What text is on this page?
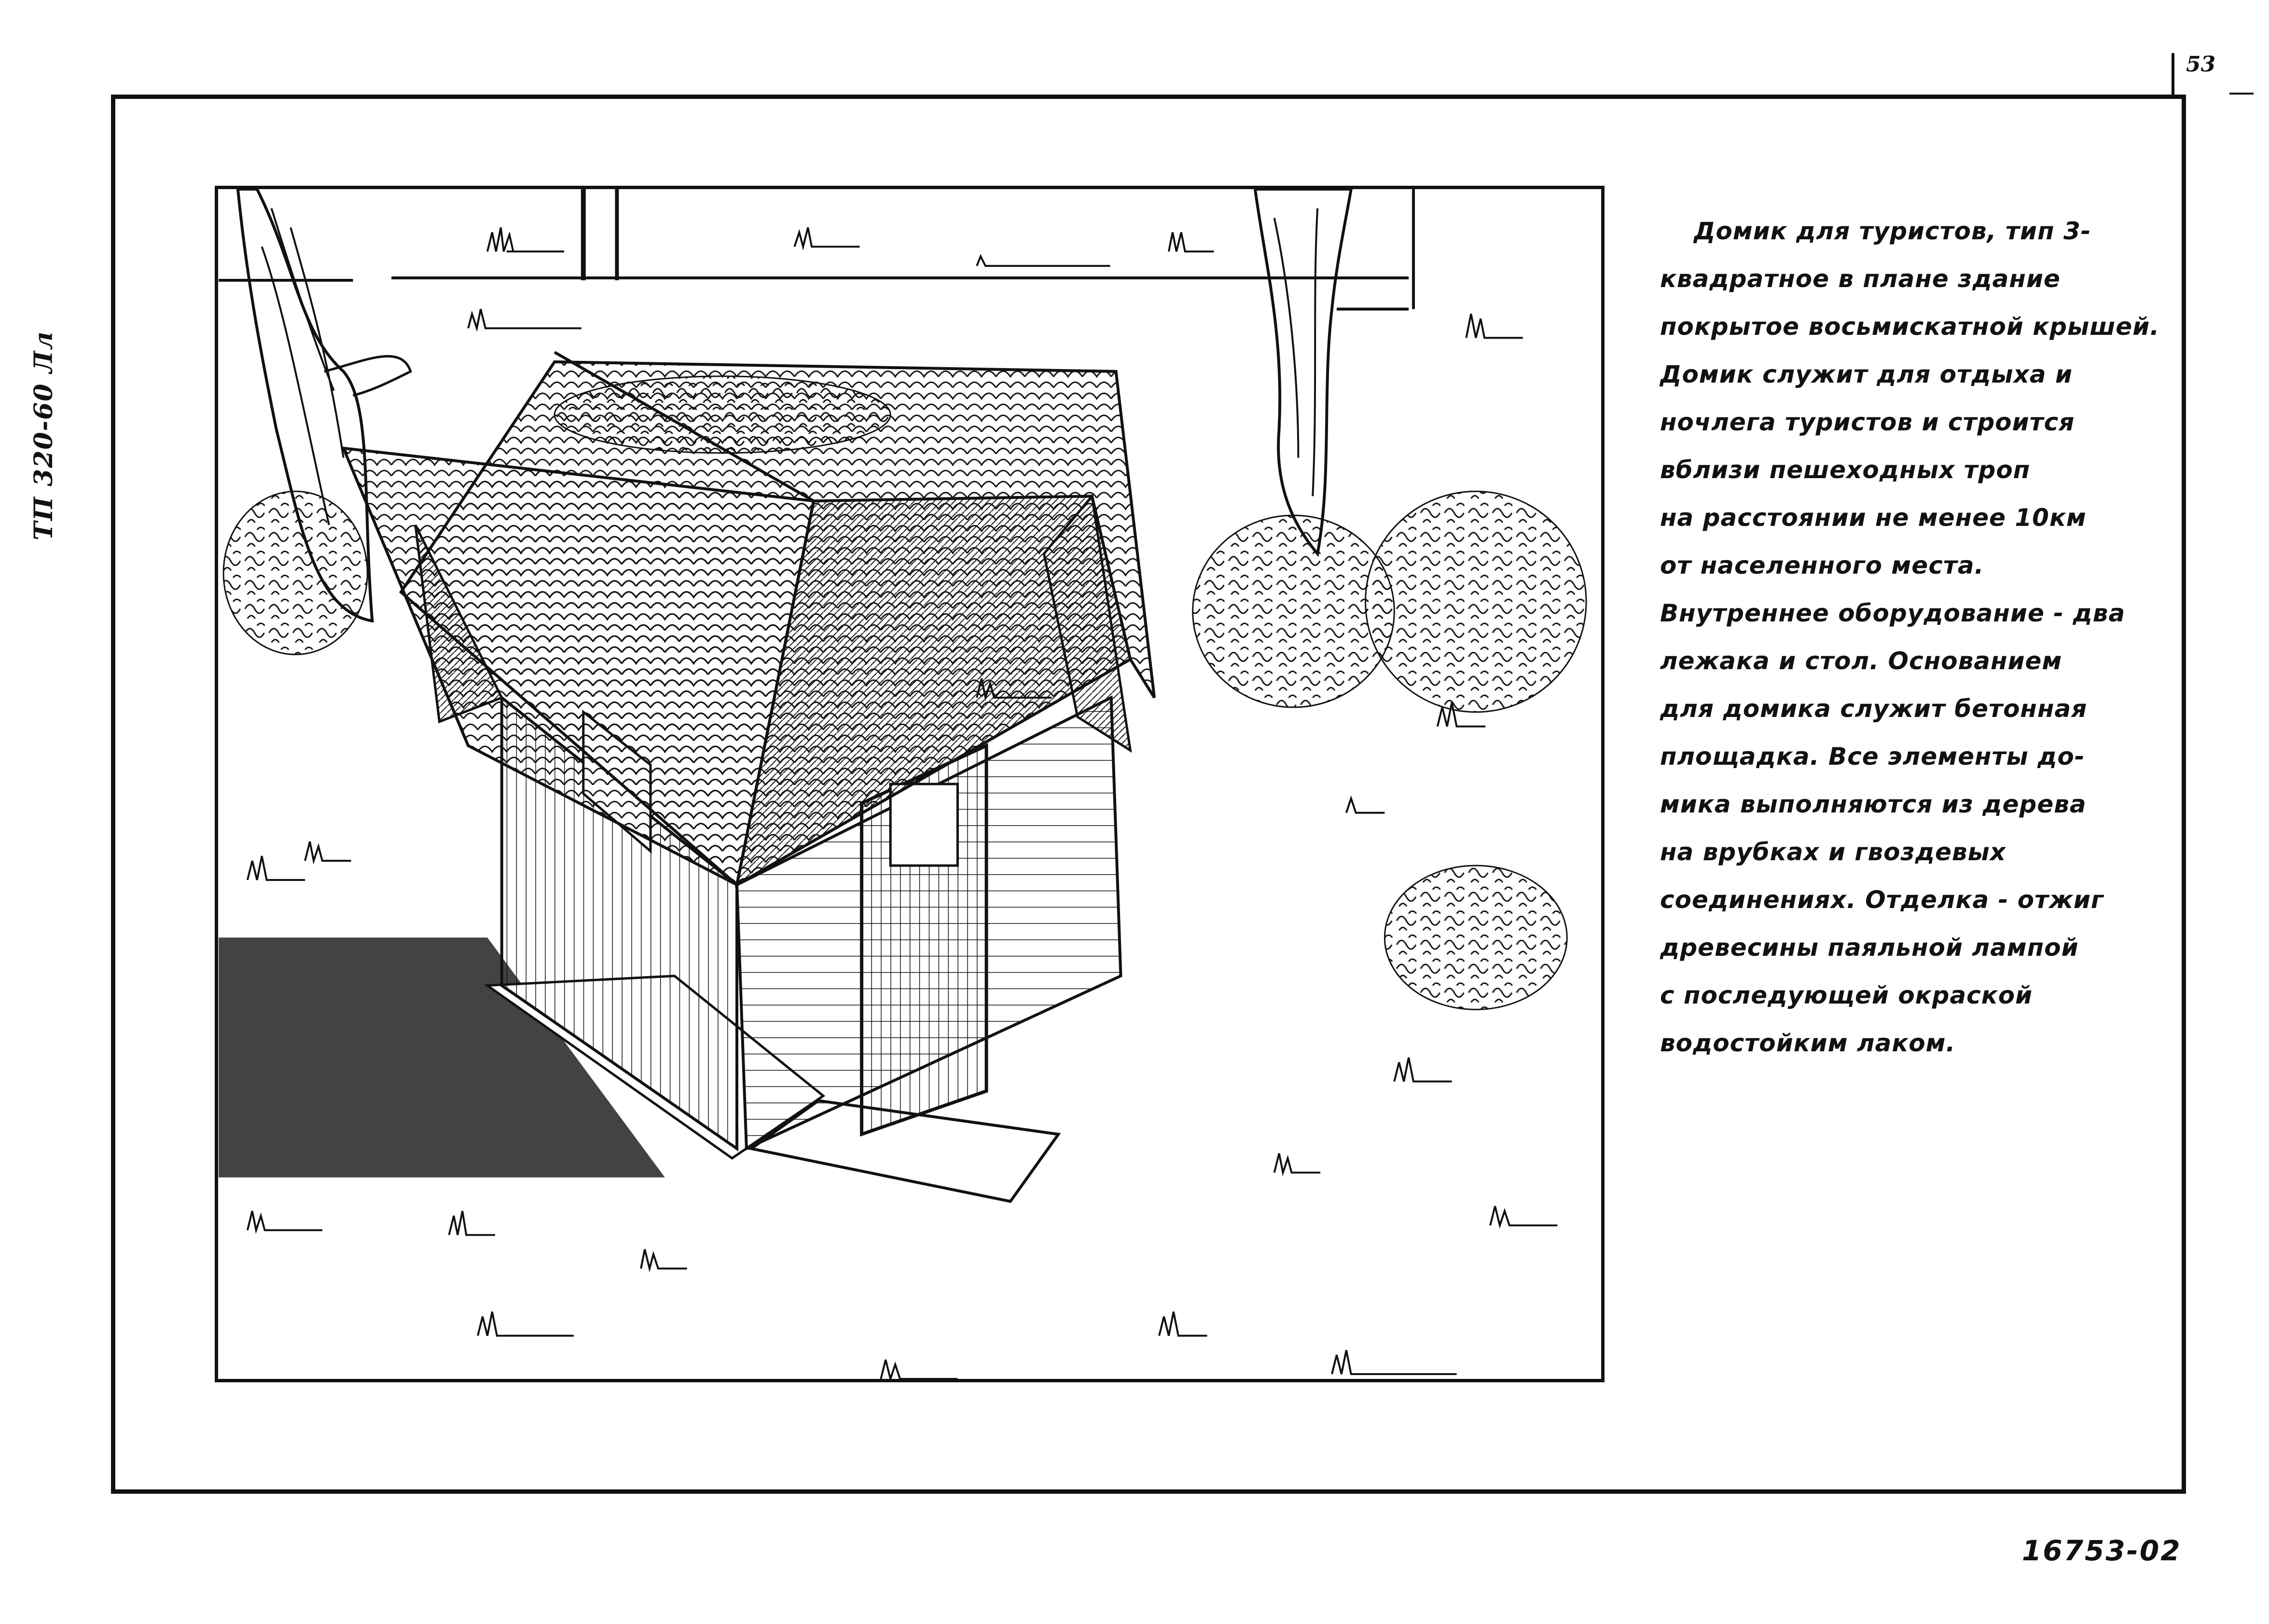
53
ТП 320-60 Лл
Домик для туристов, тип 3-
квадратное в плане здание
покрытое восьмискатной крышей.
Домик служит для отдыха и
ночлега туристов и строится
вблизи пешеходных троп
на расстоянии не менее 10км
от населенного места.
Внутреннее оборудование - два
лежака и стол. Основанием
для домика служит бетонная
площадка. Все элементы до-
мика выполняются из дерева
на врубках и гвоздевых
соединениях. Отделка - отжиг
древесины паяльной лампой
с последующей окраской
водостойким лаком.
16753-02
